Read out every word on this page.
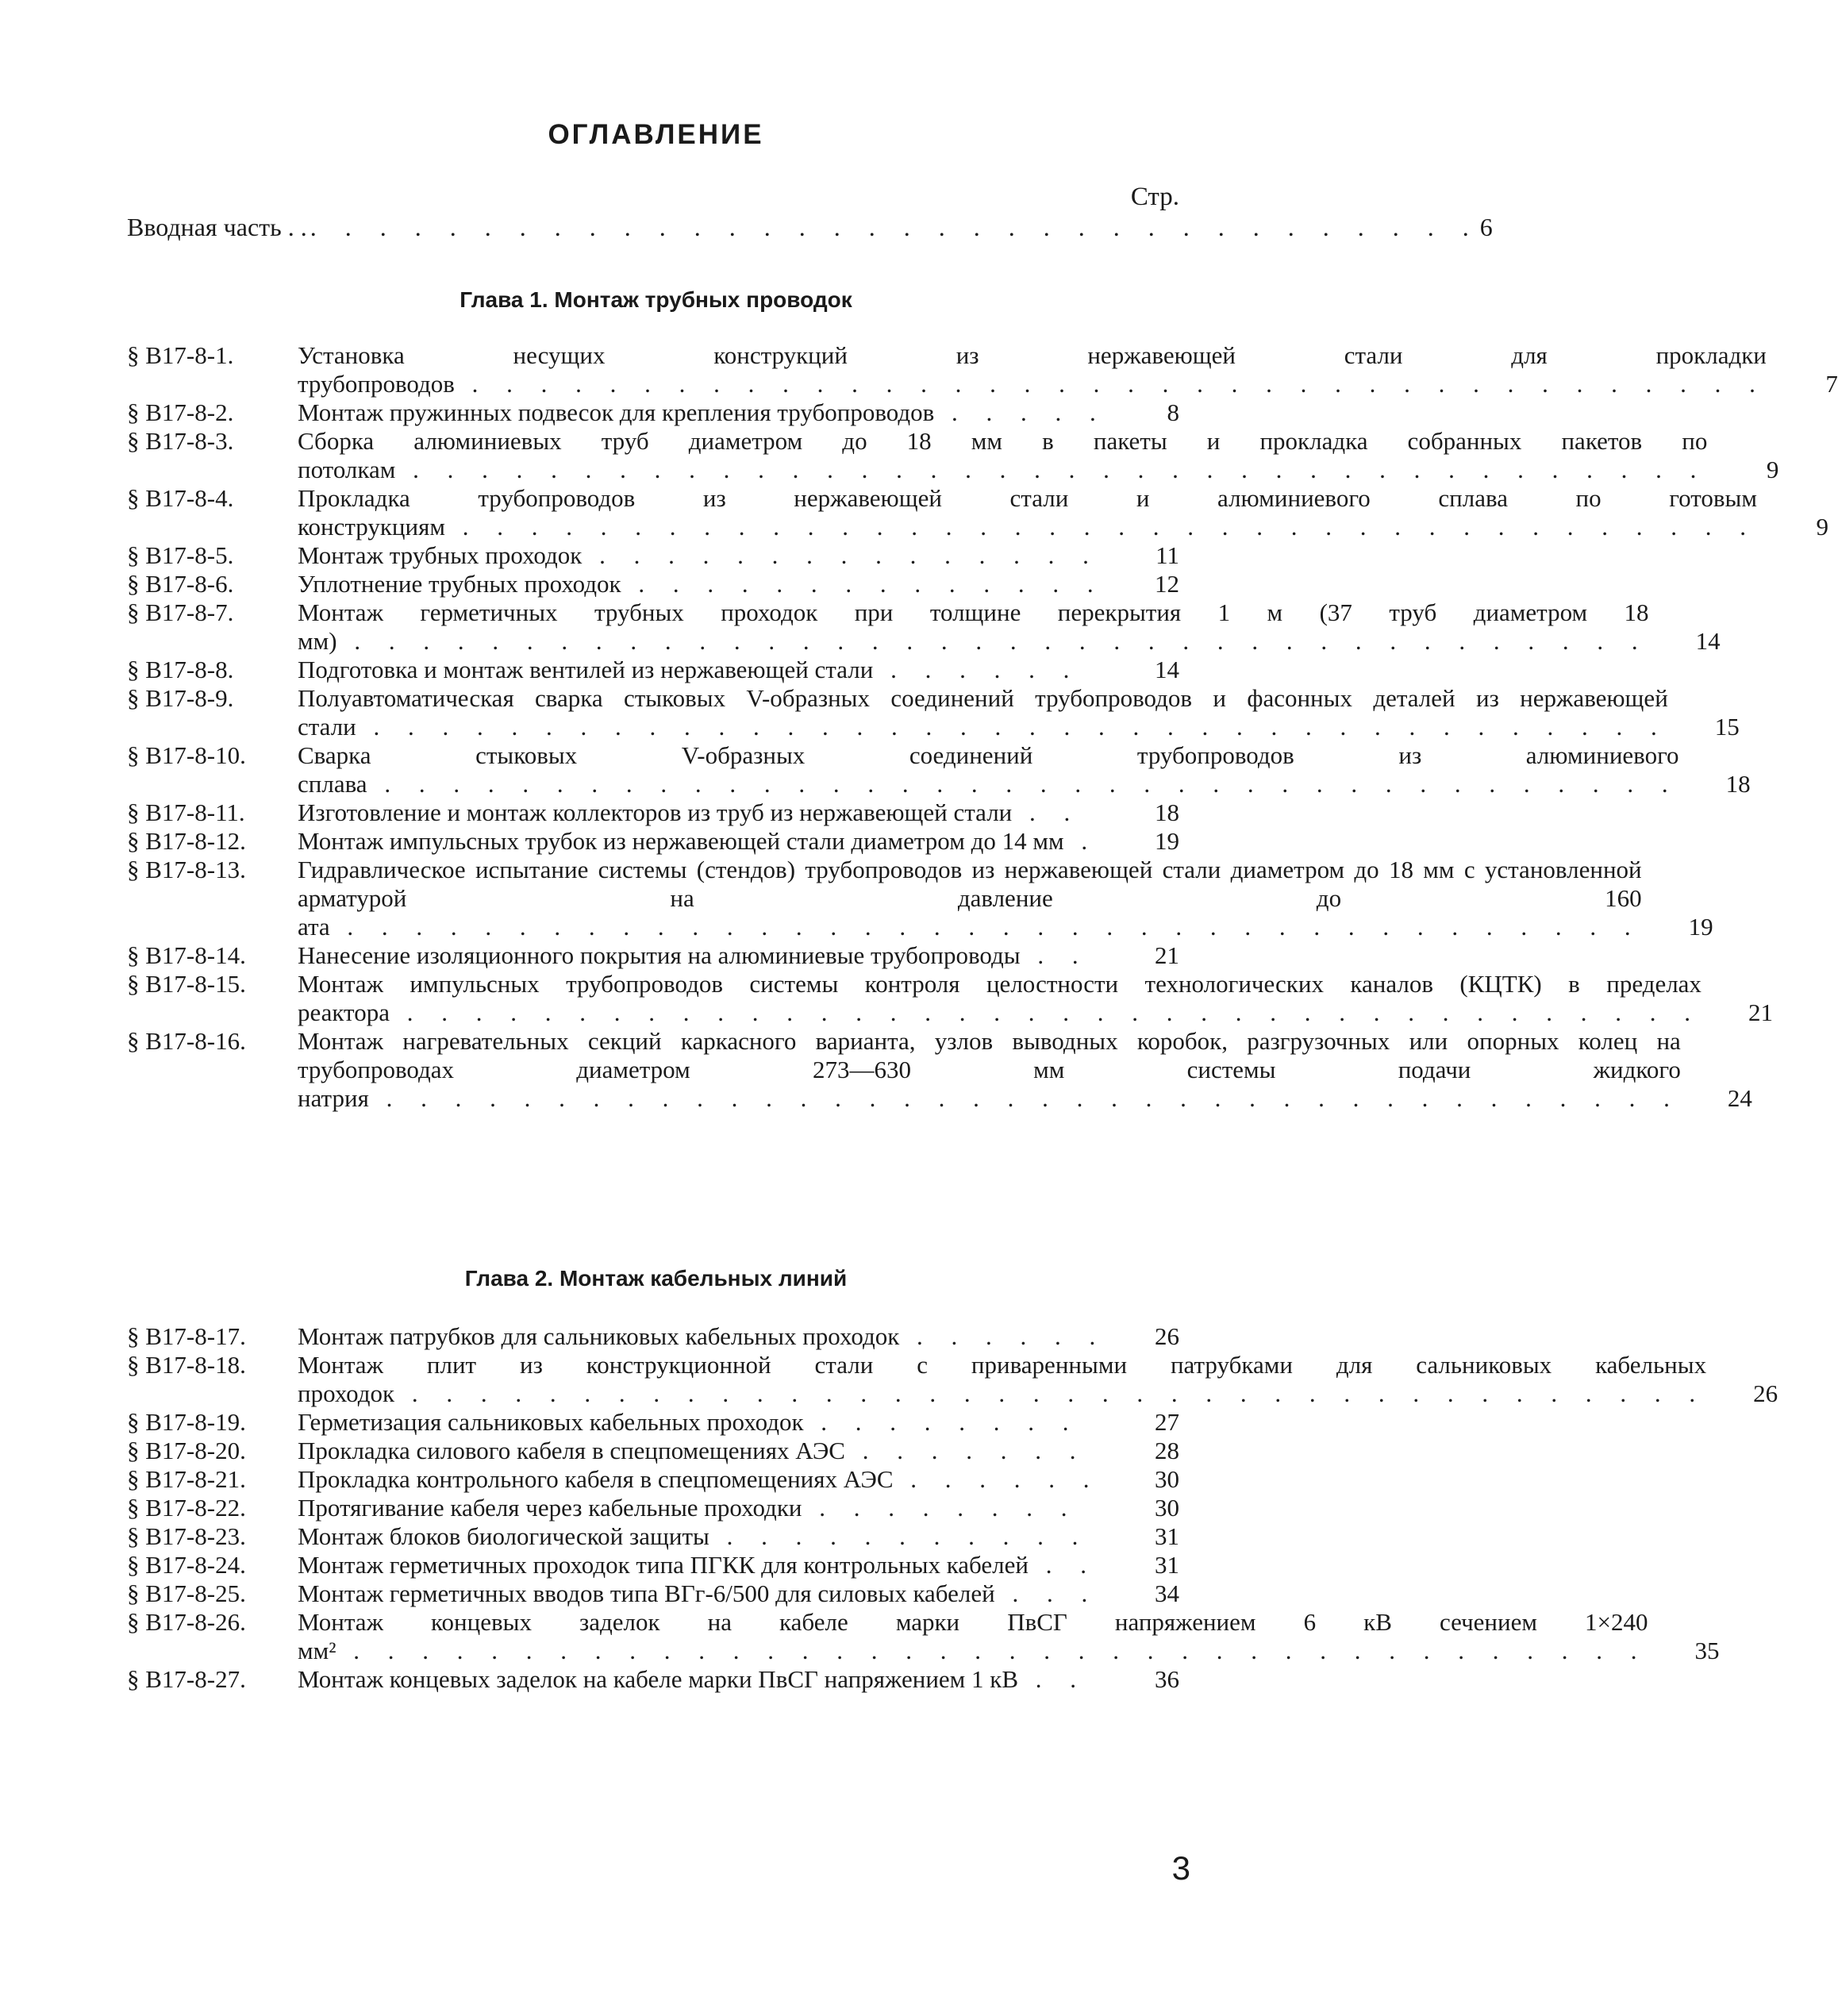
ОГЛАВЛЕНИЕ
Стр.
Вводная часть . . . . . . . . . . . . . . . . . . . . . . . . . . . . . . . . . . . . 6
Глава 1. Монтаж трубных проводок
§ В17-8-1.	Установка несущих конструкций из нержавеющей стали для прокладки трубопроводов . . . . . . . . . . . . . . . . . . . . . . . . . . . . . . . . . . . . . .	7
§ В17-8-2.	Монтаж пружинных подвесок для крепления трубопроводов . . . . .	8
§ В17-8-3.	Сборка алюминиевых труб диаметром до 18 мм в пакеты и прокладка собранных пакетов по потолкам . . . . . . . . . . . . . . . . . . . . . . . . . . . . . . . . . . . . . .	9
§ В17-8-4.	Прокладка трубопроводов из нержавеющей стали и алюминиевого сплава по готовым конструкциям . . . . . . . . . . . . . . . . . . . . . . . . . . . . . . . . . . . . . .	9
§ В17-8-5.	Монтаж трубных проходок . . . . . . . . . . . . . . .	11
§ В17-8-6.	Уплотнение трубных проходок . . . . . . . . . . . . . .	12
§ В17-8-7.	Монтаж герметичных трубных проходок при толщине перекрытия 1 м (37 труб диаметром 18 мм) . . . . . . . . . . . . . . . . . . . . . . . . . . . . . . . . . . . . . .	14
§ В17-8-8.	Подготовка и монтаж вентилей из нержавеющей стали . . . . . .	14
§ В17-8-9.	Полуавтоматическая сварка стыковых V-образных соединений трубопроводов и фасонных деталей из нержавеющей стали . . . . . . . . . . . . . . . . . . . . . . . . . . . . . . . . . . . . . .	15
§ В17-8-10.	Сварка стыковых V-образных соединений трубопроводов из алюминиевого сплава . . . . . . . . . . . . . . . . . . . . . . . . . . . . . . . . . . . . . .	18
§ В17-8-11.	Изготовление и монтаж коллекторов из труб из нержавеющей стали . .	18
§ В17-8-12.	Монтаж импульсных трубок из нержавеющей стали диаметром до 14 мм .	19
§ В17-8-13.	Гидравлическое испытание системы (стендов) трубопроводов из нержавеющей стали диаметром до 18 мм с установленной арматурой на давление до 160 ата . . . . . . . . . . . . . . . . . . . . . . . . . . . . . . . . . . . . . .	19
§ В17-8-14.	Нанесение изоляционного покрытия на алюминиевые трубопроводы . .	21
§ В17-8-15.	Монтаж импульсных трубопроводов системы контроля целостности технологических каналов (КЦТК) в пределах реактора . . . . . . . . . . . . . . . . . . . . . . . . . . . . . . . . . . . . . .	21
§ В17-8-16.	Монтаж нагревательных секций каркасного варианта, узлов выводных коробок, разгрузочных или опорных колец на трубопроводах диаметром 273—630 мм системы подачи жидкого натрия . . . . . . . . . . . . . . . . . . . . . . . . . . . . . . . . . . . . . .	24
Глава 2. Монтаж кабельных линий
§ В17-8-17.	Монтаж патрубков для сальниковых кабельных проходок . . . . . .	26
§ В17-8-18.	Монтаж плит из конструкционной стали с приваренными патрубками для сальниковых кабельных проходок . . . . . . . . . . . . . . . . . . . . . . . . . . . . . . . . . . . . . .	26
§ В17-8-19.	Герметизация сальниковых кабельных проходок . . . . . . . .	27
§ В17-8-20.	Прокладка силового кабеля в спецпомещениях АЭС . . . . . . .	28
§ В17-8-21.	Прокладка контрольного кабеля в спецпомещениях АЭС . . . . . .	30
§ В17-8-22.	Протягивание кабеля через кабельные проходки . . . . . . . .	30
§ В17-8-23.	Монтаж блоков биологической защиты . . . . . . . . . . .	31
§ В17-8-24.	Монтаж герметичных проходок типа ПГКК для контрольных кабелей . .	31
§ В17-8-25.	Монтаж герметичных вводов типа ВГг-6/500 для силовых кабелей . . .	34
§ В17-8-26.	Монтаж концевых заделок на кабеле марки ПвСГ напряжением 6 кВ сечением 1×240 мм² . . . . . . . . . . . . . . . . . . . . . . . . . . . . . . . . . . . . . .	35
§ В17-8-27.	Монтаж концевых заделок на кабеле марки ПвСГ напряжением 1 кВ . .	36
3
